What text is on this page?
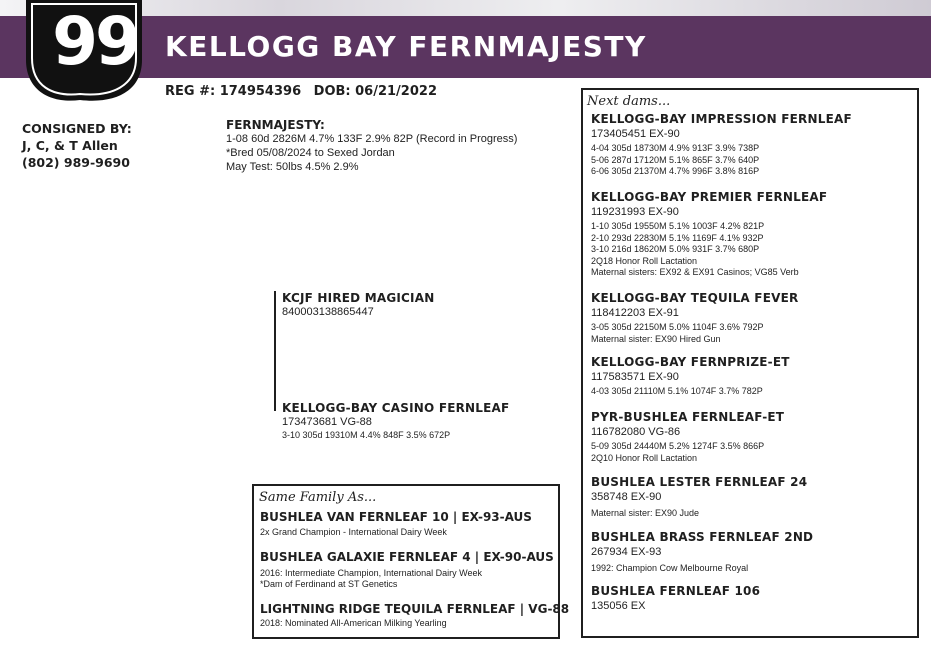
99 KELLOGG BAY FERNMAJESTY
REG #: 174954396 DOB: 06/21/2022
CONSIGNED BY:
J, C, & T Allen
(802) 989-9690
FERNMAJESTY:
1-08 60d 2826M 4.7% 133F 2.9% 82P (Record in Progress)
*Bred 05/08/2024 to Sexed Jordan
May Test: 50lbs 4.5% 2.9%
KCJF HIRED MAGICIAN
840003138865447
KELLOGG-BAY CASINO FERNLEAF
173473681 VG-88
3-10 305d 19310M 4.4% 848F 3.5% 672P
Next dams...
KELLOGG-BAY IMPRESSION FERNLEAF
173405451 EX-90
4-04 305d 18730M 4.9% 913F 3.9% 738P
5-06 287d 17120M 5.1% 865F 3.7% 640P
6-06 305d 21370M 4.7% 996F 3.8% 816P
KELLOGG-BAY PREMIER FERNLEAF
119231993 EX-90
1-10 305d 19550M 5.1% 1003F 4.2% 821P
2-10 293d 22830M 5.1% 1169F 4.1% 932P
3-10 216d 18620M 5.0% 931F 3.7% 680P
2Q18 Honor Roll Lactation
Maternal sisters: EX92 & EX91 Casinos; VG85 Verb
KELLOGG-BAY TEQUILA FEVER
118412203 EX-91
3-05 305d 22150M 5.0% 1104F 3.6% 792P
Maternal sister: EX90 Hired Gun
KELLOGG-BAY FERNPRIZE-ET
117583571 EX-90
4-03 305d 21110M 5.1% 1074F 3.7% 782P
PYR-BUSHLEA FERNLEAF-ET
116782080 VG-86
5-09 305d 24440M 5.2% 1274F 3.5% 866P
2Q10 Honor Roll Lactation
BUSHLEA LESTER FERNLEAF 24
358748 EX-90
Maternal sister: EX90 Jude
BUSHLEA BRASS FERNLEAF 2ND
267934 EX-93
1992: Champion Cow Melbourne Royal
BUSHLEA FERNLEAF 106
135056 EX
Same Family As...
BUSHLEA VAN FERNLEAF 10 | EX-93-AUS
2x Grand Champion - International Dairy Week
BUSHLEA GALAXIE FERNLEAF 4 | EX-90-AUS
2016: Intermediate Champion, International Dairy Week
*Dam of Ferdinand at ST Genetics
LIGHTNING RIDGE TEQUILA FERNLEAF | VG-88
2018: Nominated All-American Milking Yearling
